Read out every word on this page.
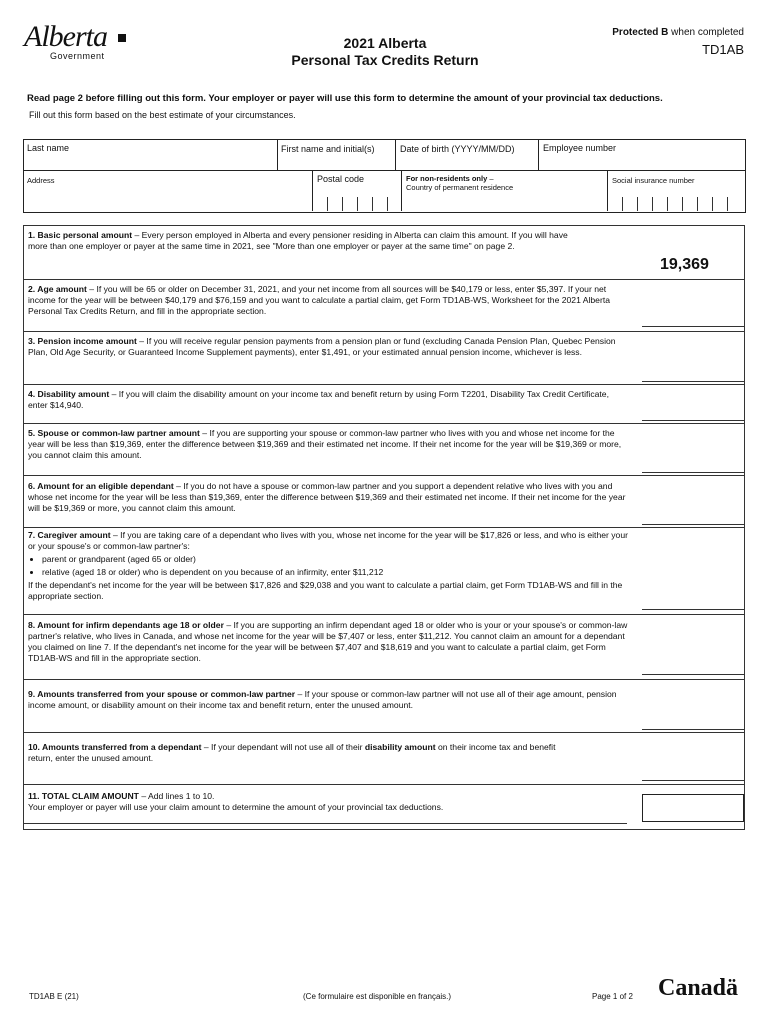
Alberta
Government
2021 Alberta
Personal Tax Credits Return
Protected B when completed
TD1AB
Read page 2 before filling out this form. Your employer or payer will use this form to determine the amount of your provincial tax deductions.
Fill out this form based on the best estimate of your circumstances.
Last name	First name and initial(s)	Date of birth (YYYY/MM/DD)	Employee number
Address	Postal code	For non-residents only –
Country of permanent residence
Social insurance number
1. Basic personal amount – Every person employed in Alberta and every pensioner residing in Alberta can claim this amount. If you will have more than one employer or payer at the same time in 2021, see "More than one employer or payer at the same time" on page 2.
19,369
2. Age amount – If you will be 65 or older on December 31, 2021, and your net income from all sources will be $40,179 or less, enter $5,397. If your net income for the year will be between $40,179 and $76,159 and you want to calculate a partial claim, get Form TD1AB-WS, Worksheet for the 2021 Alberta Personal Tax Credits Return, and fill in the appropriate section.
3. Pension income amount – If you will receive regular pension payments from a pension plan or fund (excluding Canada Pension Plan, Quebec Pension Plan, Old Age Security, or Guaranteed Income Supplement payments), enter $1,491, or your estimated annual pension income, whichever is less.
4. Disability amount – If you will claim the disability amount on your income tax and benefit return by using Form T2201, Disability Tax Credit Certificate, enter $14,940.
5. Spouse or common-law partner amount – If you are supporting your spouse or common-law partner who lives with you and whose net income for the year will be less than $19,369, enter the difference between $19,369 and their estimated net income. If their net income for the year will be $19,369 or more, you cannot claim this amount.
6. Amount for an eligible dependant – If you do not have a spouse or common-law partner and you support a dependent relative who lives with you and whose net income for the year will be less than $19,369, enter the difference between $19,369 and their estimated net income. If their net income for the year will be $19,369 or more, you cannot claim this amount.
7. Caregiver amount – If you are taking care of a dependant who lives with you, whose net income for the year will be $17,826 or less, and who is either your or your spouse's or common-law partner's:
• parent or grandparent (aged 65 or older)
• relative (aged 18 or older) who is dependent on you because of an infirmity, enter $11,212
If the dependant's net income for the year will be between $17,826 and $29,038 and you want to calculate a partial claim, get Form TD1AB-WS and fill in the appropriate section.
8. Amount for infirm dependants age 18 or older – If you are supporting an infirm dependant aged 18 or older who is your or your spouse's or common-law partner's relative, who lives in Canada, and whose net income for the year will be $7,407 or less, enter $11,212. You cannot claim an amount for a dependant you claimed on line 7. If the dependant's net income for the year will be between $7,407 and $18,619 and you want to calculate a partial claim, get Form TD1AB-WS and fill in the appropriate section.
9. Amounts transferred from your spouse or common-law partner – If your spouse or common-law partner will not use all of their age amount, pension income amount, or disability amount on their income tax and benefit return, enter the unused amount.
10. Amounts transferred from a dependant – If your dependant will not use all of their disability amount on their income tax and benefit return, enter the unused amount.
11. TOTAL CLAIM AMOUNT – Add lines 1 to 10.
Your employer or payer will use your claim amount to determine the amount of your provincial tax deductions.
TD1AB E (21)	(Ce formulaire est disponible en français.)	Page 1 of 2 Canadä
